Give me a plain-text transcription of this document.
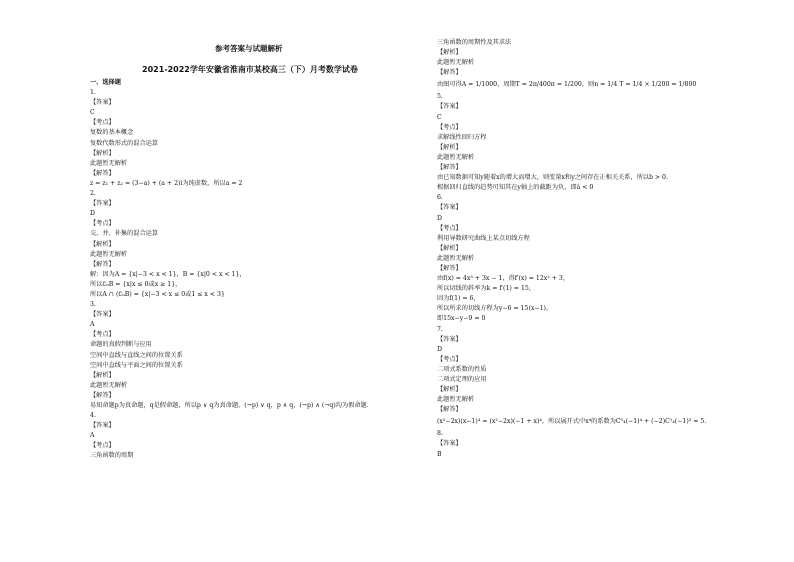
参考答案与试题解析
2021-2022学年安徽省淮南市某校高三（下）月考数学试卷
一、选择题
1.
【答案】
C
【考点】
复数的基本概念
复数代数形式的混合运算
【解析】
此题暂无解析
【解答】
z = z₁ + z₂ = (3−a) + (a + 2)i为纯虚数，所以a = 2
2.
【答案】
D
【考点】
交、并、补集的混合运算
【解析】
此题暂无解析
【解答】
解：因为A = {x|−3 < x < 1}，B = {x|0 < x < 1}，
所以∁ᵤB = {x|x ≤ 0或x ≥ 1}，
所以A ∩ (∁ᵤB) = {x|−3 < x ≤ 0或1 ≤ x < 3}
3.
【答案】
A
【考点】
命题的真假判断与应用
空间中直线与直线之间的位置关系
空间中直线与平面之间的位置关系
【解析】
此题暂无解析
【解答】
易知命题p为真命题，q是假命题，所以p ∨ q为真命题，(¬p) ∨ q，p ∧ q，(¬p) ∧ (¬q)均为假命题.
4.
【答案】
A
【考点】
三角函数的周期
三角函数的周期性及其求法
【解析】
此题暂无解析
【解答】
由图可得A = 1/1000，周期T = 2π/400π = 1/200，则n = 1/4 T = 1/4 × 1/200 = 1/800
5.
【答案】
C
【考点】
求解线性回归方程
【解析】
此题暂无解析
【解答】
由已知数据可知y随着x的增大而增大，则变量x和y之间存在正相关关系，所以b > 0.
根据回归直线的趋势可知其在y轴上的截距为负，即â < 0
6.
【答案】
D
【考点】
利用导数研究曲线上某点切线方程
【解析】
此题暂无解析
【解答】
由f(x) = 4x³ + 3x − 1，得f′(x) = 12x² + 3，
所以切线的斜率为k = f′(1) = 15，
因为f(1) = 6，
所以所求的切线方程为y−6 = 15(x−1)，
即15x−y−9 = 0
7.
【答案】
D
【考点】
二项式系数的性质
二项式定理的应用
【解析】
此题暂无解析
【解答】
(x²−2x)(x−1)⁴ = (x²−2x)(−1 + x)⁴，所以展开式中x⁴的系数为C⁰₄(−1)⁴ + (−2)C¹₄(−1)³ = 5.
8.
【答案】
B
